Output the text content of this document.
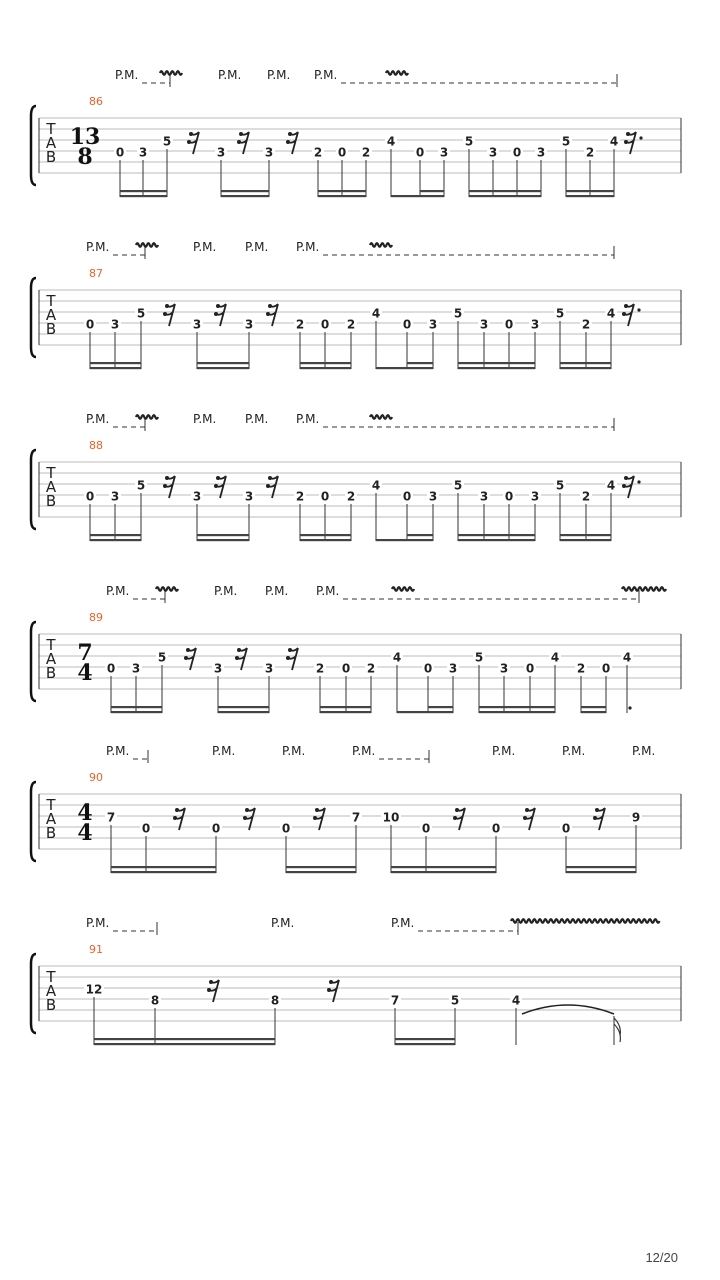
T
A
B
86
13
8
P.M.	P.M. P.M. P.M.
0 3
5
3	3	2 0 2
4
0 3
5
3 0 3
5
2
4
T
A
B
87
P.M.	P.M. P.M. P.M.
0 3
5
3	3	2 0 2
4
0 3
5
3 0 3
5
2
4
T
A
B
88
P.M.	P.M. P.M. P.M.
0 3
5
3	3	2 0 2
4
0 3
5
3 0 3
5
2
4
T
A
B
89
7
4
P.M.	P.M. P.M. P.M.
0 3
5
3	3	2 0 2
4
0 3
5
3 0
4
2 0
4
T
A
B
90
4
4
P.M.	P.M.	P.M.	P.M.	P.M.	P.M.	P.M.
7
0	0	0
7 10
0	0	0
9
T
A
B
91
P.M.	P.M.	P.M.
12
8	8	7	5	4
12/20
